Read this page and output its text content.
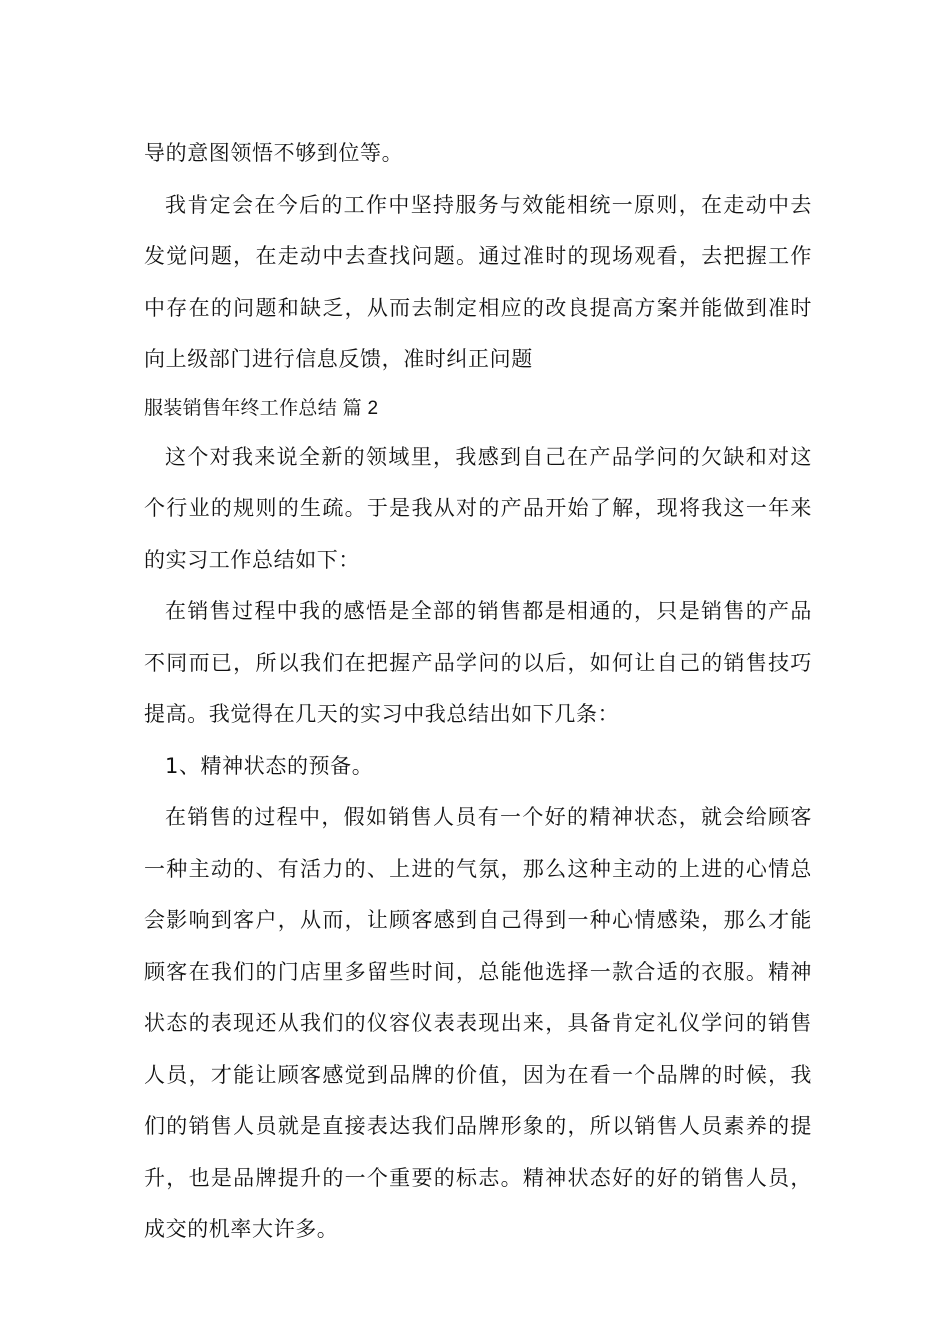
导的意图领悟不够到位等。

我肯定会在今后的工作中坚持服务与效能相统一原则，在走动中去发觉问题，在走动中去查找问题。通过准时的现场观看，去把握工作中存在的问题和缺乏，从而去制定相应的改良提高方案并能做到准时向上级部门进行信息反馈，准时纠正问题

服装销售年终工作总结 篇 2

这个对我来说全新的领域里，我感到自己在产品学问的欠缺和对这个行业的规则的生疏。于是我从对的产品开始了解，现将我这一年来的实习工作总结如下：

在销售过程中我的感悟是全部的销售都是相通的，只是销售的产品不同而已，所以我们在把握产品学问的以后，如何让自己的销售技巧提高。我觉得在几天的实习中我总结出如下几条：

1、精神状态的预备。

在销售的过程中，假如销售人员有一个好的精神状态，就会给顾客一种主动的、有活力的、上进的气氛，那么这种主动的上进的心情总会影响到客户，从而，让顾客感到自己得到一种心情感染，那么才能顾客在我们的门店里多留些时间，总能他选择一款合适的衣服。精神状态的表现还从我们的仪容仪表表现出来，具备肯定礼仪学问的销售人员，才能让顾客感觉到品牌的价值，因为在看一个品牌的时候，我们的销售人员就是直接表达我们品牌形象的，所以销售人员素养的提升，也是品牌提升的一个重要的标志。精神状态好的好的销售人员，成交的机率大许多。
